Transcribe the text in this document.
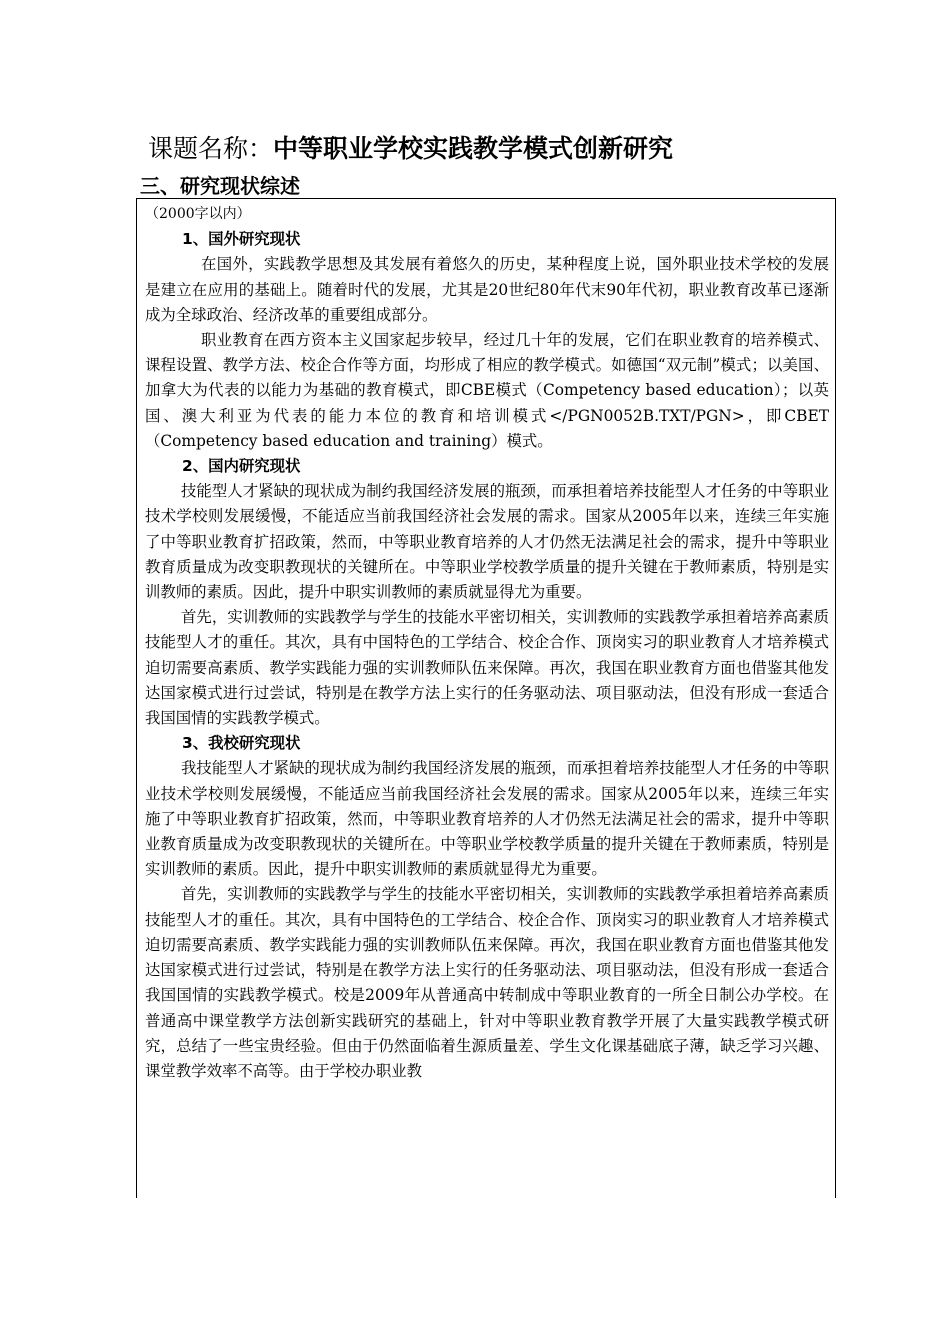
课题名称：中等职业学校实践教学模式创新研究
三、研究现状综述
（2000字以内）
1、国外研究现状

在国外，实践教学思想及其发展有着悠久的历史，某种程度上说，国外职业技术学校的发展是建立在应用的基础上。随着时代的发展，尤其是20世纪80年代末90年代初，职业教育改革已逐渐成为全球政治、经济改革的重要组成部分。

职业教育在西方资本主义国家起步较早，经过几十年的发展，它们在职业教育的培养模式、课程设置、教学方法、校企合作等方面，均形成了相应的教学模式。如德国“双元制”模式；以美国、加拿大为代表的以能力为基础的教育模式，即CBE模式（Competency based education）；以英国、澳大利亚为代表的能力本位的教育和培训模式</PGN0052B.TXT/PGN>，即CBET（Competency based education and training）模式。

2、国内研究现状

技能型人才紧缺的现状成为制约我国经济发展的瓶颈，而承担着培养技能型人才任务的中等职业技术学校则发展缓慢，不能适应当前我国经济社会发展的需求。国家从2005年以来，连续三年实施了中等职业教育扩招政策，然而，中等职业教育培养的人才仍然无法满足社会的需求，提升中等职业教育质量成为改变职教现状的关键所在。中等职业学校教学质量的提升关键在于教师素质，特别是实训教师的素质。因此，提升中职实训教师的素质就显得尤为重要。

首先，实训教师的实践教学与学生的技能水平密切相关，实训教师的实践教学承担着培养高素质技能型人才的重任。其次，具有中国特色的工学结合、校企合作、顶岗实习的职业教育人才培养模式迫切需要高素质、教学实践能力强的实训教师队伍来保障。再次，我国在职业教育方面也借鉴其他发达国家模式进行过尝试，特别是在教学方法上实行的任务驱动法、项目驱动法，但没有形成一套适合我国国情的实践教学模式。

3、我校研究现状

我技能型人才紧缺的现状成为制约我国经济发展的瓶颈，而承担着培养技能型人才任务的中等职业技术学校则发展缓慢，不能适应当前我国经济社会发展的需求。国家从2005年以来，连续三年实施了中等职业教育扩招政策，然而，中等职业教育培养的人才仍然无法满足社会的需求，提升中等职业教育质量成为改变职教现状的关键所在。中等职业学校教学质量的提升关键在于教师素质，特别是实训教师的素质。因此，提升中职实训教师的素质就显得尤为重要。

首先，实训教师的实践教学与学生的技能水平密切相关，实训教师的实践教学承担着培养高素质技能型人才的重任。其次，具有中国特色的工学结合、校企合作、顶岗实习的职业教育人才培养模式迫切需要高素质、教学实践能力强的实训教师队伍来保障。再次，我国在职业教育方面也借鉴其他发达国家模式进行过尝试，特别是在教学方法上实行的任务驱动法、项目驱动法，但没有形成一套适合我国国情的实践教学模式。校是2009年从普通高中转制成中等职业教育的一所全日制公办学校。在普通高中课堂教学方法创新实践研究的基础上，针对中等职业教育教学开展了大量实践教学模式研究，总结了一些宝贵经验。但由于仍然面临着生源质量差、学生文化课基础底子薄，缺乏学习兴趣、课堂教学效率不高等。由于学校办职业教
